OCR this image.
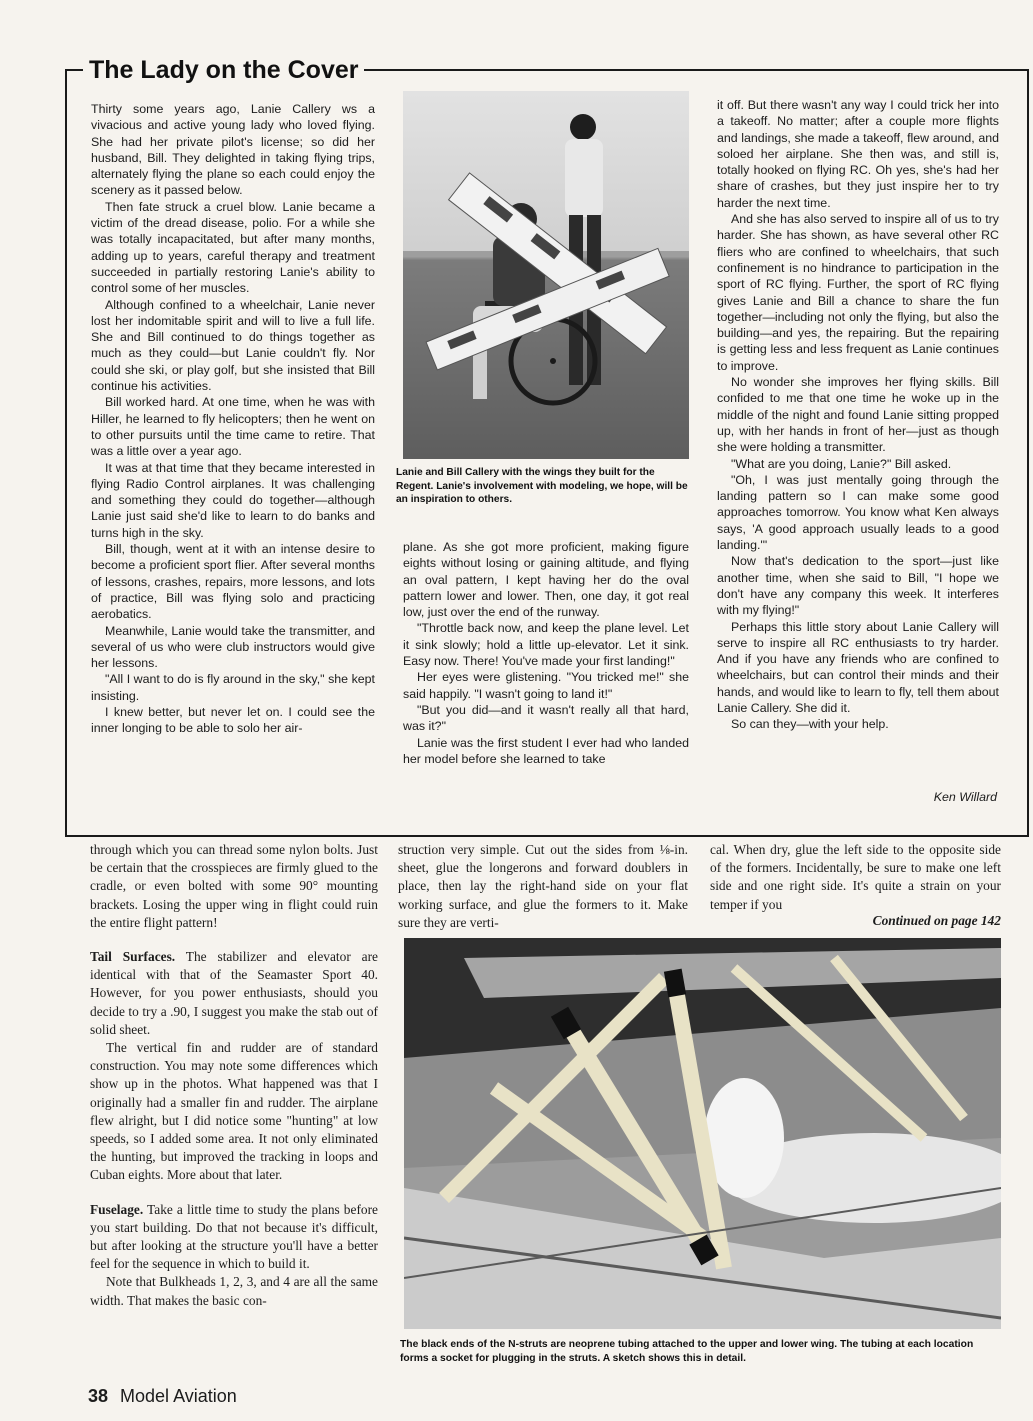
The Lady on the Cover

Thirty some years ago, Lanie Callery ws a vivacious and active young lady who loved flying. She had her private pilot's license; so did her husband, Bill. They delighted in taking flying trips, alternately flying the plane so each could enjoy the scenery as it passed below.

Then fate struck a cruel blow. Lanie became a victim of the dread disease, polio. For a while she was totally incapacitated, but after many months, adding up to years, careful therapy and treatment succeeded in partially restoring Lanie's ability to control some of her muscles.

Although confined to a wheelchair, Lanie never lost her indomitable spirit and will to live a full life. She and Bill continued to do things together as much as they could—but Lanie couldn't fly. Nor could she ski, or play golf, but she insisted that Bill continue his activities.

Bill worked hard. At one time, when he was with Hiller, he learned to fly helicopters; then he went on to other pursuits until the time came to retire. That was a little over a year ago.

It was at that time that they became interested in flying Radio Control airplanes. It was challenging and something they could do together—although Lanie just said she'd like to learn to do banks and turns high in the sky.

Bill, though, went at it with an intense desire to become a proficient sport flier. After several months of lessons, crashes, repairs, more lessons, and lots of practice, Bill was flying solo and practicing aerobatics.

Meanwhile, Lanie would take the transmitter, and several of us who were club instructors would give her lessons.

"All I want to do is fly around in the sky," she kept insisting.

I knew better, but never let on. I could see the inner longing to be able to solo her air-

Lanie and Bill Callery with the wings they built for the Regent. Lanie's involvement with modeling, we hope, will be an inspiration to others.

plane. As she got more proficient, making figure eights without losing or gaining altitude, and flying an oval pattern, I kept having her do the oval pattern lower and lower. Then, one day, it got real low, just over the end of the runway.

"Throttle back now, and keep the plane level. Let it sink slowly; hold a little up-elevator. Let it sink. Easy now. There! You've made your first landing!"

Her eyes were glistening. "You tricked me!" she said happily. "I wasn't going to land it!"

"But you did—and it wasn't really all that hard, was it?"

Lanie was the first student I ever had who landed her model before she learned to take

it off. But there wasn't any way I could trick her into a takeoff. No matter; after a couple more flights and landings, she made a takeoff, flew around, and soloed her airplane. She then was, and still is, totally hooked on flying RC. Oh yes, she's had her share of crashes, but they just inspire her to try harder the next time.

And she has also served to inspire all of us to try harder. She has shown, as have several other RC fliers who are confined to wheelchairs, that such confinement is no hindrance to participation in the sport of RC flying. Further, the sport of RC flying gives Lanie and Bill a chance to share the fun together—including not only the flying, but also the building—and yes, the repairing. But the repairing is getting less and less frequent as Lanie continues to improve.

No wonder she improves her flying skills. Bill confided to me that one time he woke up in the middle of the night and found Lanie sitting propped up, with her hands in front of her—just as though she were holding a transmitter.

"What are you doing, Lanie?" Bill asked.

"Oh, I was just mentally going through the landing pattern so I can make some good approaches tomorrow. You know what Ken always says, 'A good approach usually leads to a good landing.'"

Now that's dedication to the sport—just like another time, when she said to Bill, "I hope we don't have any company this week. It interferes with my flying!"

Perhaps this little story about Lanie Callery will serve to inspire all RC enthusiasts to try harder. And if you have any friends who are confined to wheelchairs, but can control their minds and their hands, and would like to learn to fly, tell them about Lanie Callery. She did it.

So can they—with your help.

Ken Willard

through which you can thread some nylon bolts. Just be certain that the crosspieces are firmly glued to the cradle, or even bolted with some 90° mounting brackets. Losing the upper wing in flight could ruin the entire flight pattern!

Tail Surfaces. The stabilizer and elevator are identical with that of the Seamaster Sport 40. However, for you power enthusiasts, should you decide to try a .90, I suggest you make the stab out of solid sheet.

The vertical fin and rudder are of standard construction. You may note some differences which show up in the photos. What happened was that I originally had a smaller fin and rudder. The airplane flew alright, but I did notice some "hunting" at low speeds, so I added some area. It not only eliminated the hunting, but improved the tracking in loops and Cuban eights. More about that later.

Fuselage. Take a little time to study the plans before you start building. Do that not because it's difficult, but after looking at the structure you'll have a better feel for the sequence in which to build it.

Note that Bulkheads 1, 2, 3, and 4 are all the same width. That makes the basic con-

struction very simple. Cut out the sides from ⅛-in. sheet, glue the longerons and forward doublers in place, then lay the right-hand side on your flat working surface, and glue the formers to it. Make sure they are verti-

cal. When dry, glue the left side to the opposite side of the formers. Incidentally, be sure to make one left side and one right side. It's quite a strain on your temper if you

Continued on page 142
The black ends of the N-struts are neoprene tubing attached to the upper and lower wing. The tubing at each location forms a socket for plugging in the struts. A sketch shows this in detail.
38 Model Aviation
